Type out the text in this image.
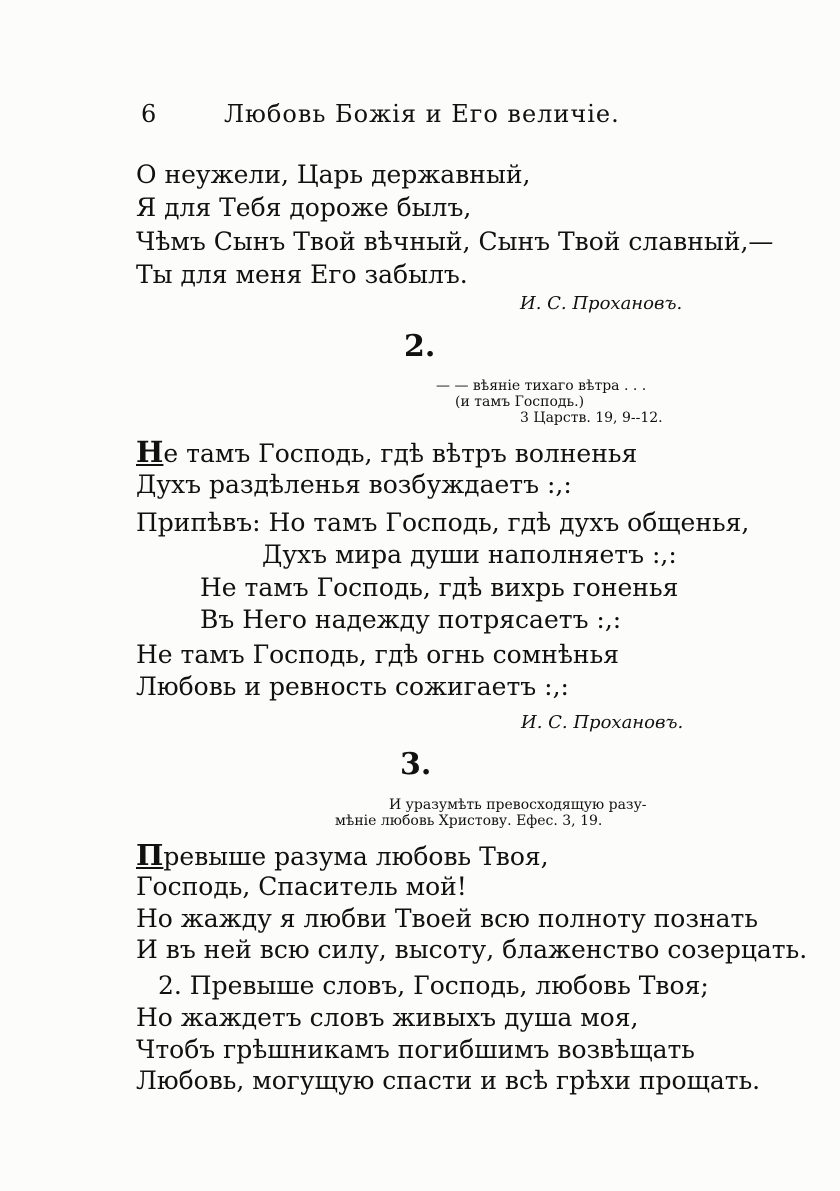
6	Любовь Божія и Его величіе.
О неужели, Царь державный,
Я для Тебя дороже былъ,
Чѣмъ Сынъ Твой вѣчный, Сынъ Твой славный,—
Ты для меня Его забылъ.
И. С. Прохановъ.
2.
— — вѣяніе тихаго вѣтра . . .
(и тамъ Господь.)
3 Царств. 19, 9--12.
Не тамъ Господь, гдѣ вѣтръ волненья
Духъ раздѣленья возбуждаетъ :,:
Припѣвъ: Но тамъ Господь, гдѣ духъ общенья,
Духъ мира души наполняетъ :,:
Не тамъ Господь, гдѣ вихрь гоненья
Въ Него надежду потрясаетъ :,:
Не тамъ Господь, гдѣ огнь сомнѣнья
Любовь и ревность сожигаетъ :,:
И. С. Прохановъ.
3.
И уразумѣть превосходящую разу-
мѣніе любовь Христову. Ефес. 3, 19.
Превыше разума любовь Твоя,
Господь, Спаситель мой!
Но жажду я любви Твоей всю полноту познать
И въ ней всю силу, высоту, блаженство созерцать.
2. Превыше словъ, Господь, любовь Твоя;
Но жаждетъ словъ живыхъ душа моя,
Чтобъ грѣшникамъ погибшимъ возвѣщать
Любовь, могущую спасти и всѣ грѣхи прощать.
